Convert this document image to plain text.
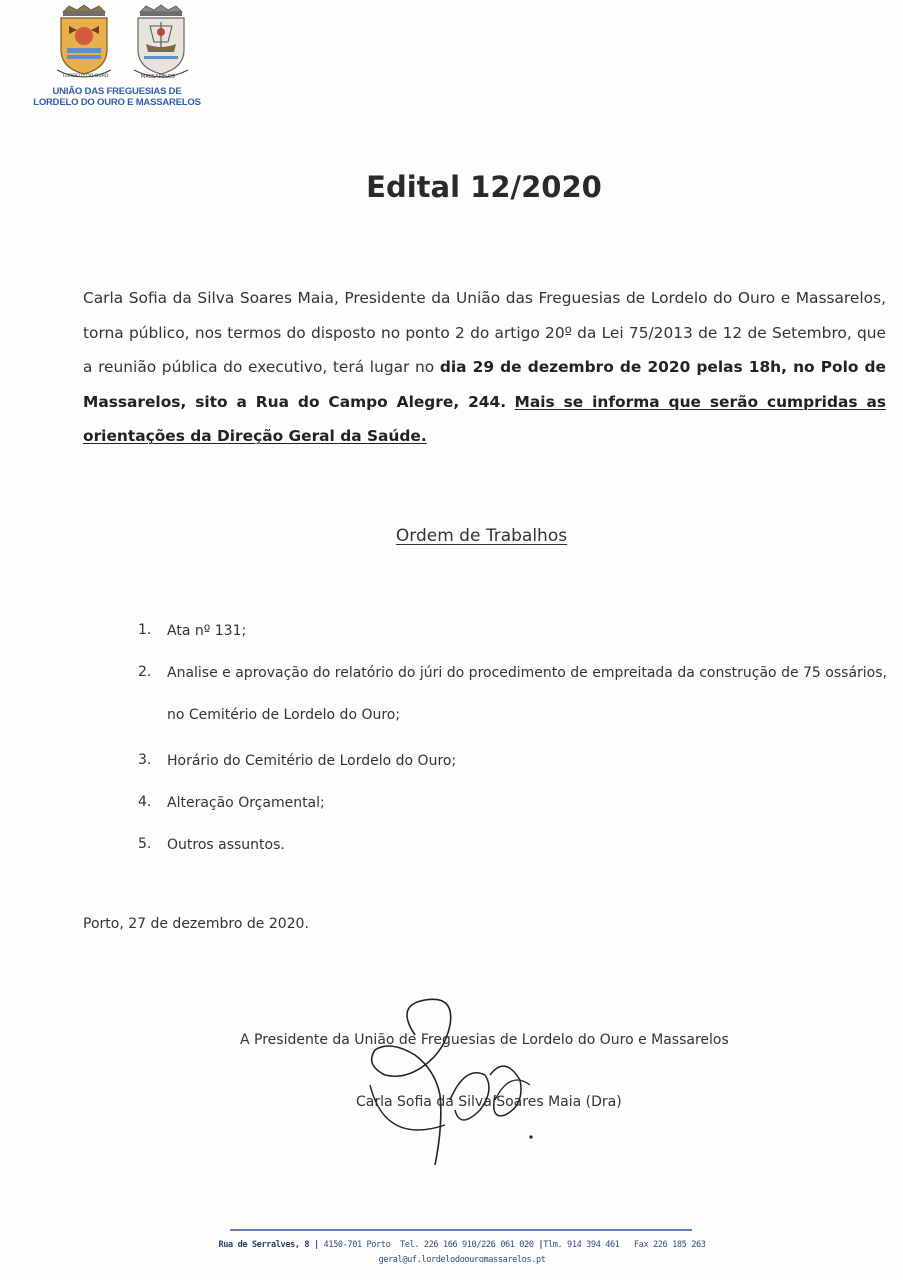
LORDELO DO OURO	MASSARELOS
UNIÃO DAS FREGUESIAS DE
LORDELO DO OURO E MASSARELOS
Edital 12/2020
Carla Sofia da Silva Soares Maia, Presidente da União das Freguesias de Lordelo do Ouro e Massarelos, torna público, nos termos do disposto no ponto 2 do artigo 20º da Lei 75/2013 de 12 de Setembro, que a reunião pública do executivo, terá lugar no dia 29 de dezembro de 2020 pelas 18h, no Polo de Massarelos, sito a Rua do Campo Alegre, 244. Mais se informa que serão cumpridas as orientações da Direção Geral da Saúde.
Ordem de Trabalhos
1.	Ata nº 131;
2.	Analise e aprovação do relatório do júri do procedimento de empreitada da construção de 75 ossários, no Cemitério de Lordelo do Ouro;
3.	Horário do Cemitério de Lordelo do Ouro;
4.	Alteração Orçamental;
5.	Outros assuntos.
Porto, 27 de dezembro de 2020.
A Presidente da União de Freguesias de Lordelo do Ouro e Massarelos
Carla Sofia da Silva Soares Maia (Dra)
Rua de Serralves, 8 | 4150-701 Porto Tel. 226 166 910/226 061 020 |Tlm. 914 394 461 Fax 226 185 263
geral@uf.lordelodoouromassarelos.pt
